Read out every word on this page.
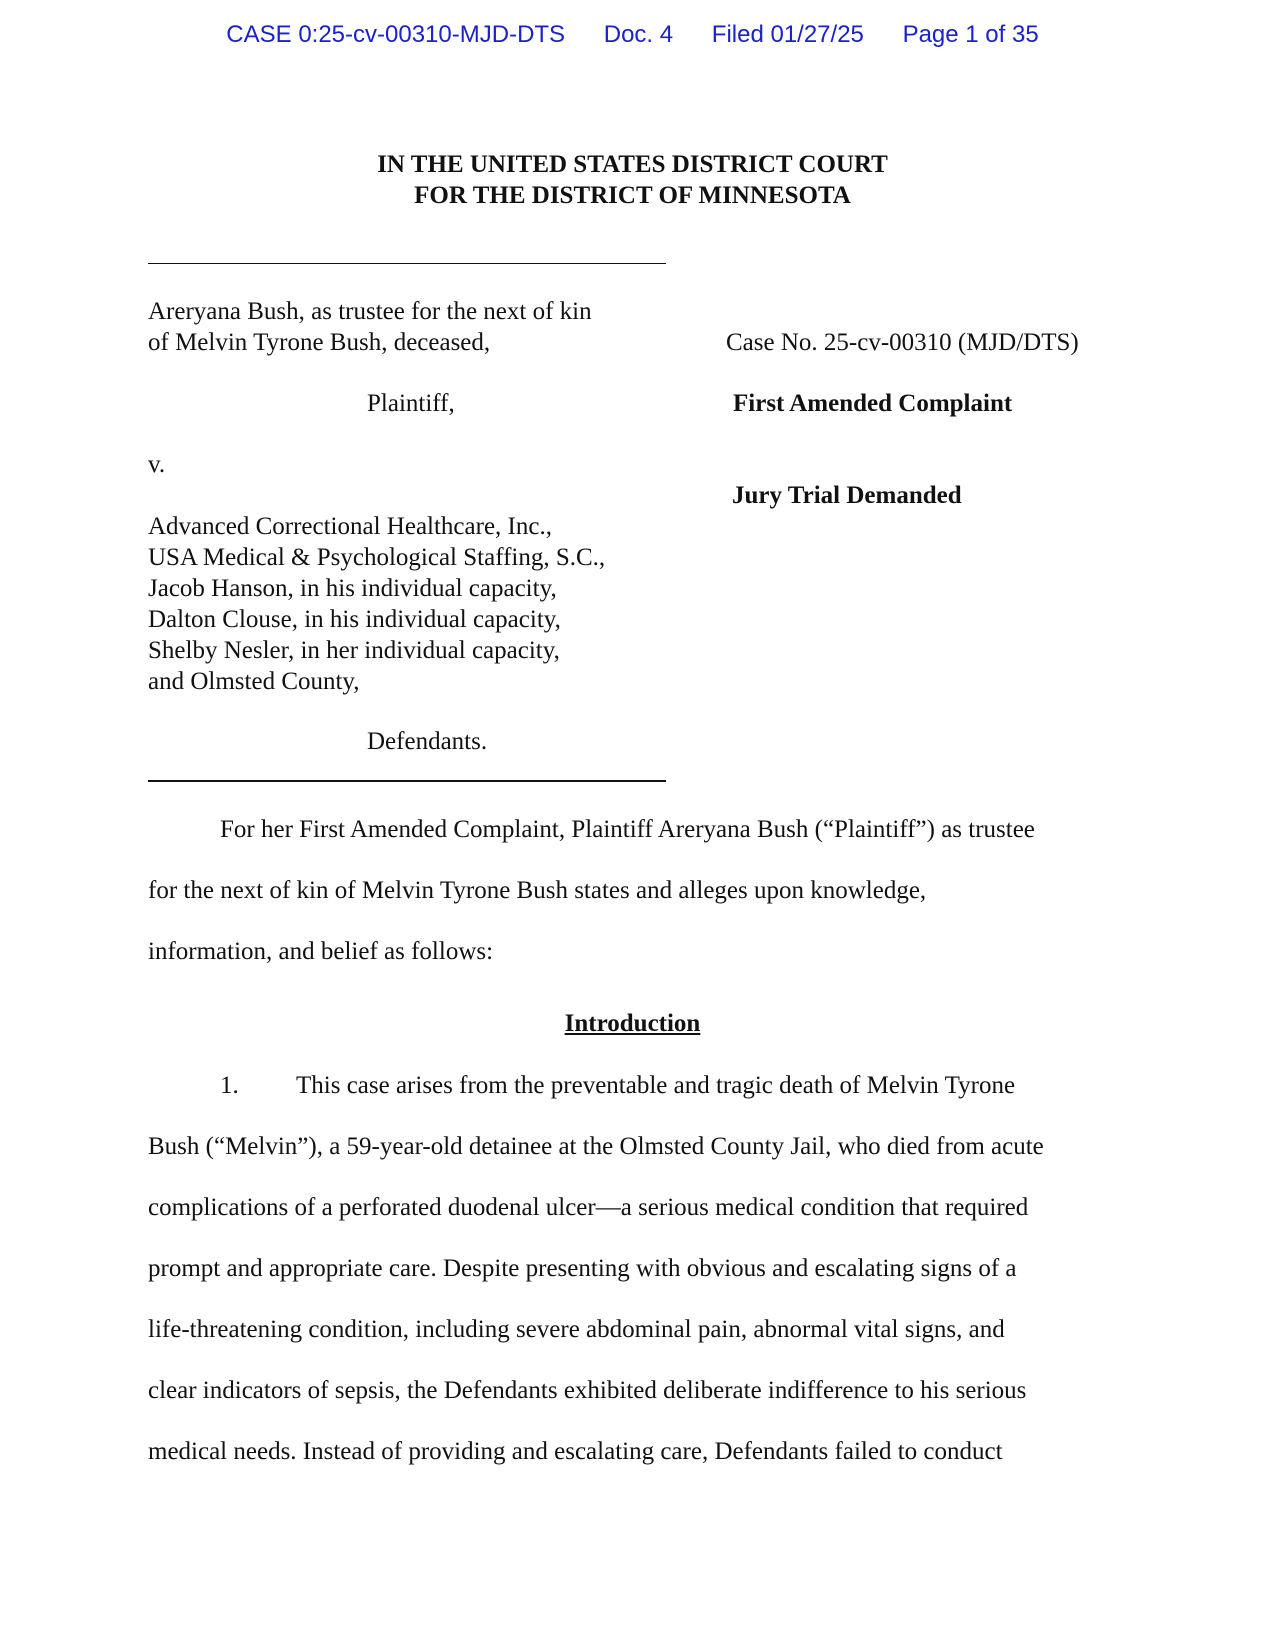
CASE 0:25-cv-00310-MJD-DTS Doc. 4 Filed 01/27/25 Page 1 of 35
IN THE UNITED STATES DISTRICT COURT
FOR THE DISTRICT OF MINNESOTA
Areryana Bush, as trustee for the next of kin
of Melvin Tyrone Bush, deceased,	Case No. 25-cv-00310 (MJD/DTS)
Plaintiff,	First Amended Complaint
v.
Jury Trial Demanded
Advanced Correctional Healthcare, Inc.,
USA Medical & Psychological Staffing, S.C.,
Jacob Hanson, in his individual capacity,
Dalton Clouse, in his individual capacity,
Shelby Nesler, in her individual capacity,
and Olmsted County,
Defendants.
For her First Amended Complaint, Plaintiff Areryana Bush (“Plaintiff”) as trustee
for the next of kin of Melvin Tyrone Bush states and alleges upon knowledge,
information, and belief as follows:
Introduction
1.	This case arises from the preventable and tragic death of Melvin Tyrone
Bush (“Melvin”), a 59-year-old detainee at the Olmsted County Jail, who died from acute
complications of a perforated duodenal ulcer—a serious medical condition that required
prompt and appropriate care. Despite presenting with obvious and escalating signs of a
life-threatening condition, including severe abdominal pain, abnormal vital signs, and
clear indicators of sepsis, the Defendants exhibited deliberate indifference to his serious
medical needs. Instead of providing and escalating care, Defendants failed to conduct
